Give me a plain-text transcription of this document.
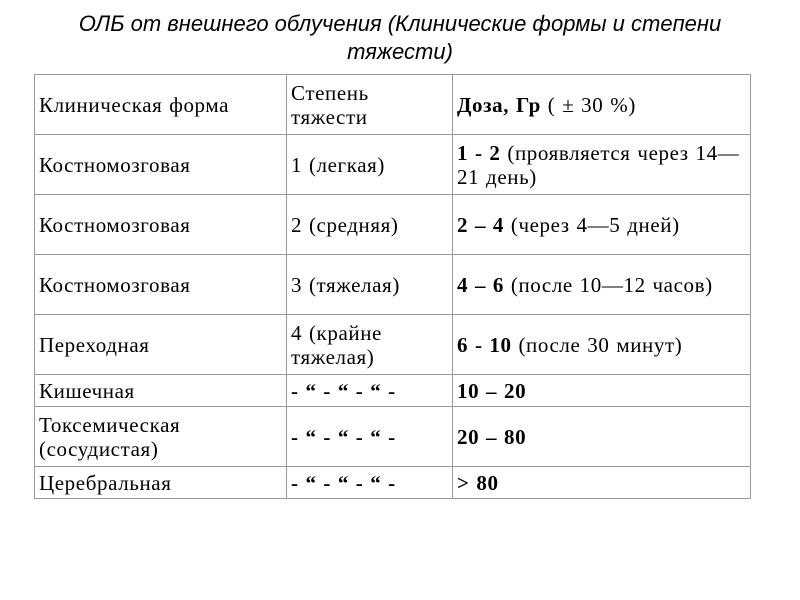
ОЛБ от внешнего облучения (Клинические формы и степени тяжести)
Клиническая форма	Степень тяжести	Доза, Гр ( ± 30 %)
Костномозговая	1 (легкая)	1 - 2 (проявляется через 14—21 день)
Костномозговая	2 (средняя)	2 – 4 (через 4—5 дней)
Костномозговая	3 (тяжелая)	4 – 6 (после 10—12 часов)
Переходная	4 (крайне тяжелая)	6 - 10 (после 30 минут)
Кишечная	- “ - “ - “ -	10 – 20
Токсемическая (сосудистая)	- “ - “ - “ -	20 – 80
Церебральная	- “ - “ - “ -	> 80
